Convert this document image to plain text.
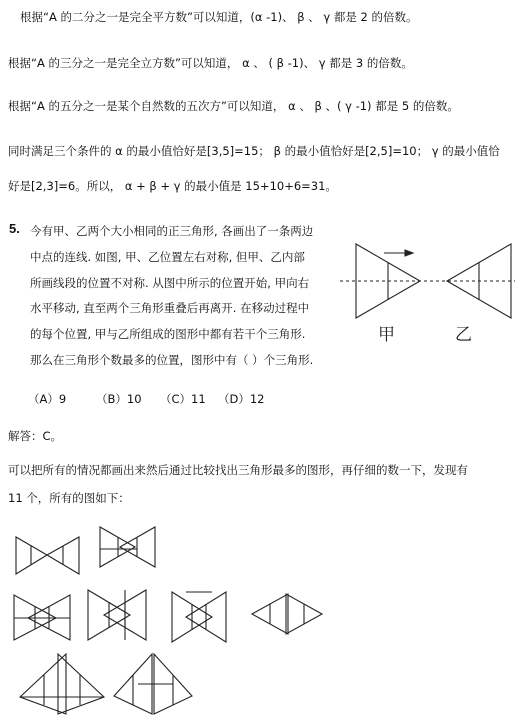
根据“A 的二分之一是完全平方数”可以知道，(α -1)、 β 、 γ 都是 2 的倍数。
根据“A 的三分之一是完全立方数”可以知道， α 、 ( β -1)、 γ 都是 3 的倍数。
根据“A 的五分之一是某个自然数的五次方”可以知道， α 、 β 、( γ -1) 都是 5 的倍数。
同时满足三个条件的 α 的最小值恰好是[3,5]=15； β 的最小值恰好是[2,5]=10； γ 的最小值恰
好是[2,3]=6。所以， α + β + γ 的最小值是 15+10+6=31。
5. 今有甲、乙两个大小相同的正三角形, 各画出了一条两边
中点的连线. 如图, 甲、乙位置左右对称, 但甲、乙内部
所画线段的位置不对称. 从图中所示的位置开始, 甲向右
水平移动, 直至两个三角形重叠后再离开. 在移动过程中
的每个位置, 甲与乙所组成的图形中都有若干个三角形.
那么在三角形个数最多的位置，图形中有（ ）个三角形.
（A）9	（B）10 （C）11 （D）12
解答：C。
可以把所有的情况都画出来然后通过比较找出三角形最多的图形，再仔细的数一下，发现有
11 个，所有的图如下：
甲	乙
